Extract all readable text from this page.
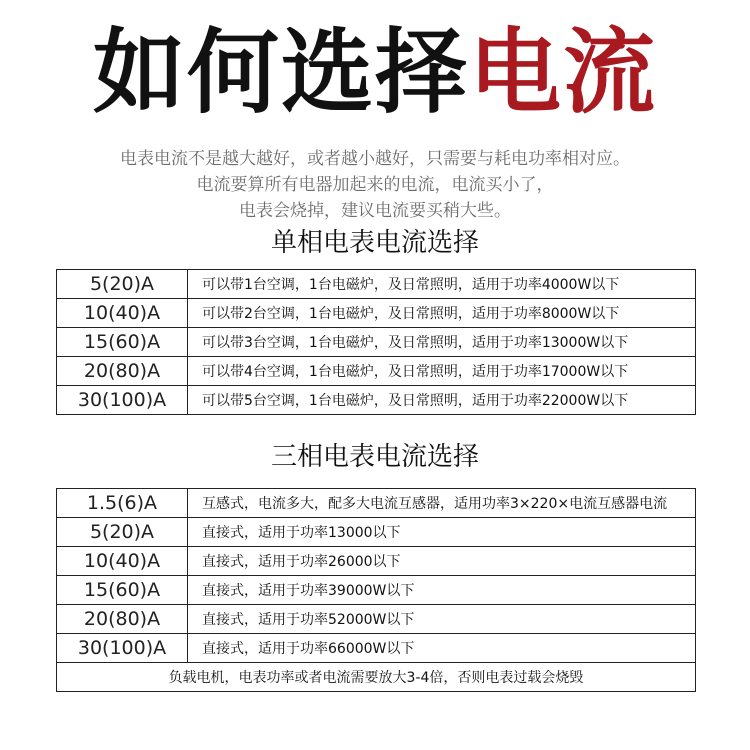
如何选择电流
电表电流不是越大越好，或者越小越好，只需要与耗电功率相对应。
电流要算所有电器加起来的电流，电流买小了，
电表会烧掉，建议电流要买稍大些。
单相电表电流选择
5(20)A	可以带1台空调，1台电磁炉，及日常照明，适用于功率4000W以下
10(40)A	可以带2台空调，1台电磁炉，及日常照明，适用于功率8000W以下
15(60)A	可以带3台空调，1台电磁炉，及日常照明，适用于功率13000W以下
20(80)A	可以带4台空调，1台电磁炉，及日常照明，适用于功率17000W以下
30(100)A	可以带5台空调，1台电磁炉，及日常照明，适用于功率22000W以下
三相电表电流选择
1.5(6)A	互感式，电流多大，配多大电流互感器，适用功率3×220×电流互感器电流
5(20)A	直接式，适用于功率13000以下
10(40)A	直接式，适用于功率26000以下
15(60)A	直接式，适用于功率39000W以下
20(80)A	直接式，适用于功率52000W以下
30(100)A	直接式，适用于功率66000W以下
负载电机，电表功率或者电流需要放大3-4倍，否则电表过载会烧毁	
